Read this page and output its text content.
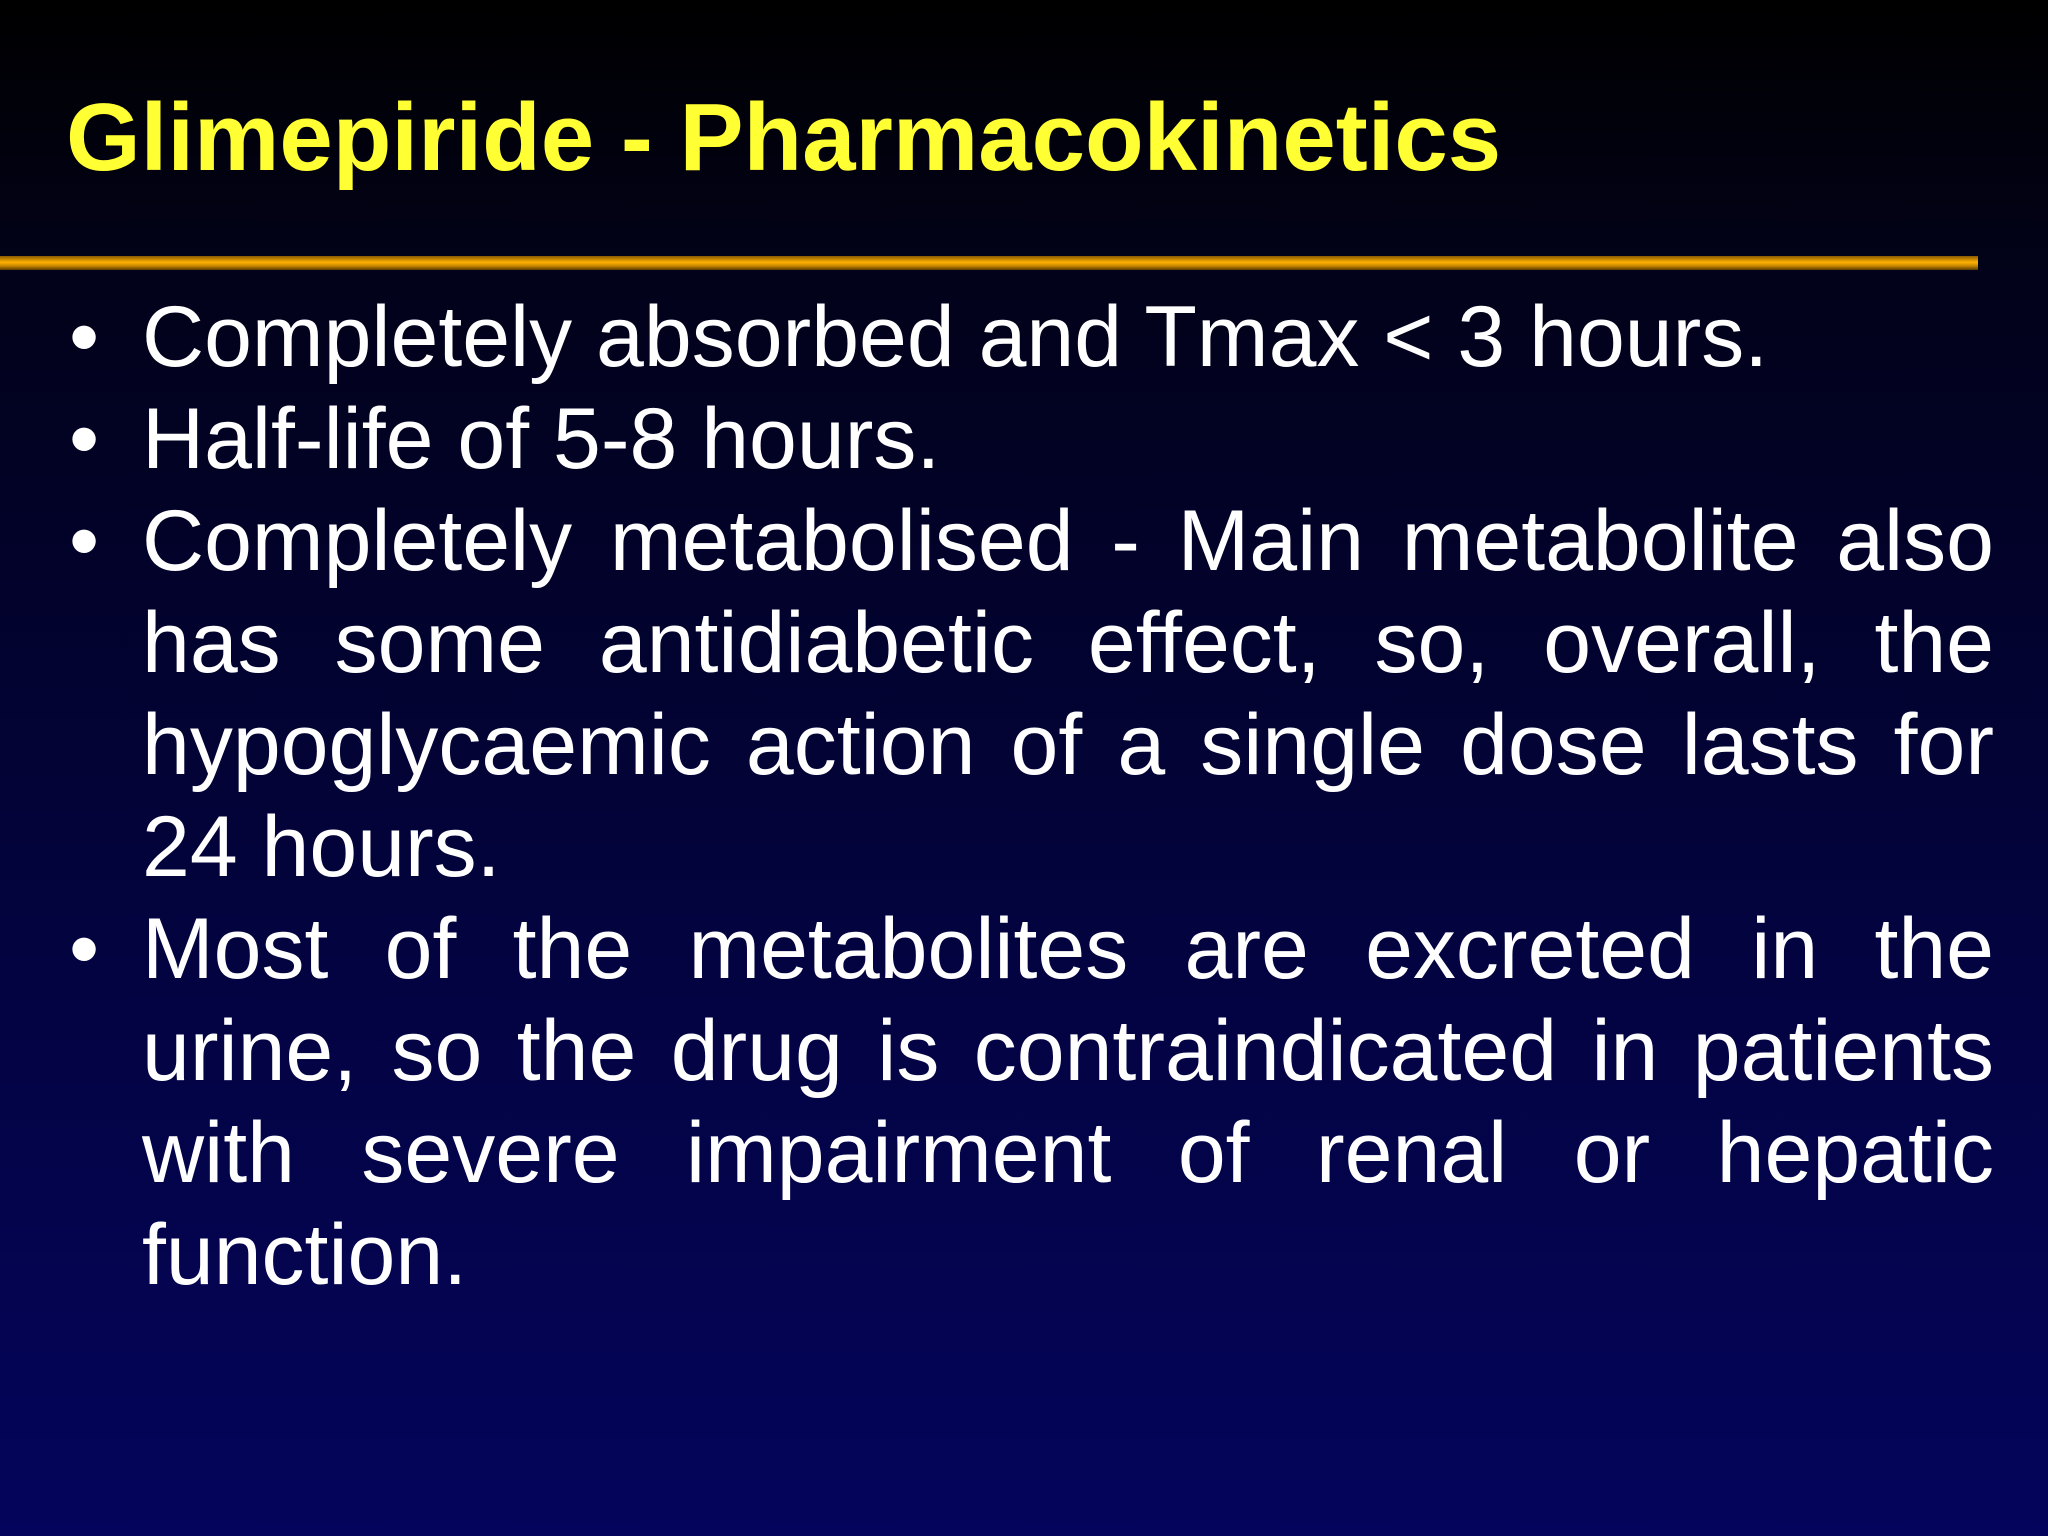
Glimepiride - Pharmacokinetics
• Completely absorbed and Tmax < 3 hours.
• Half-life of 5-8 hours.
• Completely metabolised - Main metabolite also has some antidiabetic effect, so, overall, the hypoglycaemic action of a single dose lasts for 24 hours.
• Most of the metabolites are excreted in the urine, so the drug is contraindicated in patients with severe impairment of renal or hepatic function.
